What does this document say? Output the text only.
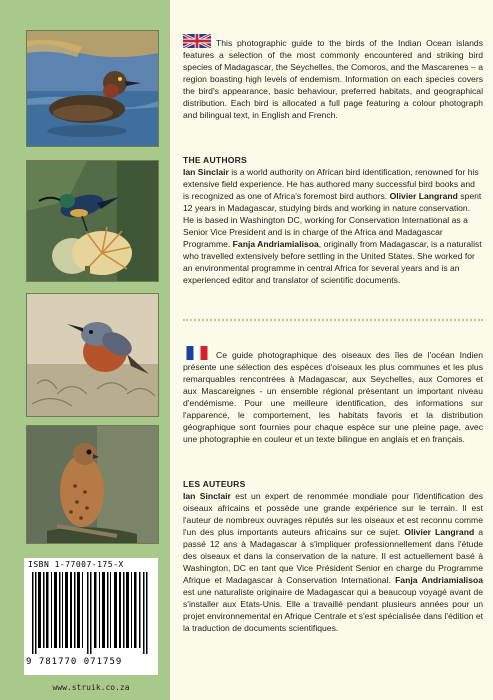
ISBN 1-77007-175-X
9 781770 071759
www.struik.co.za

This photographic guide to the birds of the Indian Ocean islands features a selection of the most commonly encountered and striking bird species of Madagascar, the Seychelles, the Comoros, and the Mascarenes – a region boasting high levels of endemism. Information on each species covers the bird's appearance, basic behaviour, preferred habitats, and geographical distribution. Each bird is allocated a full page featuring a colour photograph and bilingual text, in English and French.

THE AUTHORS

Ian Sinclair is a world authority on African bird identification, renowned for his extensive field experience. He has authored many successful bird books and is recognized as one of Africa's foremost bird authors. Olivier Langrand spent 12 years in Madagascar, studying birds and working in nature conservation. He is based in Washington DC, working for Conservation International as a Senior Vice President and is in charge of the Africa and Madagascar Programme. Fanja Andriamialisoa, originally from Madagascar, is a naturalist who travelled extensively before settling in the United States. She worked for an environmental programme in central Africa for several years and is an experienced editor and translator of scientific documents.

Ce guide photographique des oiseaux des îles de l'océan Indien présente une sélection des espèces d'oiseaux les plus communes et les plus remarquables rencontrées à Madagascar, aux Seychelles, aux Comores et aux Mascareignes - un ensemble régional présentant un important niveau d'endémisme. Pour une meilleure identification, des informations sur l'apparence, le comportement, les habitats favoris et la distribution géographique sont fournies pour chaque espèce sur une pleine page, avec une photographie en couleur et un texte bilingue en anglais et en français.

LES AUTEURS

Ian Sinclair est un expert de renommée mondiale pour l'identification des oiseaux africains et possède une grande expérience sur le terrain. Il est l'auteur de nombreux ouvrages réputés sur les oiseaux et est reconnu comme l'un des plus importants auteurs africains sur ce sujet. Olivier Langrand a passé 12 ans à Madagascar à s'impliquer professionnellement dans l'étude des oiseaux et dans la conservation de la nature. Il est actuellement basé à Washington, DC en tant que Vice Président Senior en charge du Programme Afrique et Madagascar à Conservation International. Fanja Andriamialisoa est une naturaliste originaire de Madagascar qui a beaucoup voyagé avant de s'installer aux Etats-Unis. Elle a travaillé pendant plusieurs années pour un projet environnemental en Afrique Centrale et s'est spécialisée dans l'édition et la traduction de documents scientifiques.
